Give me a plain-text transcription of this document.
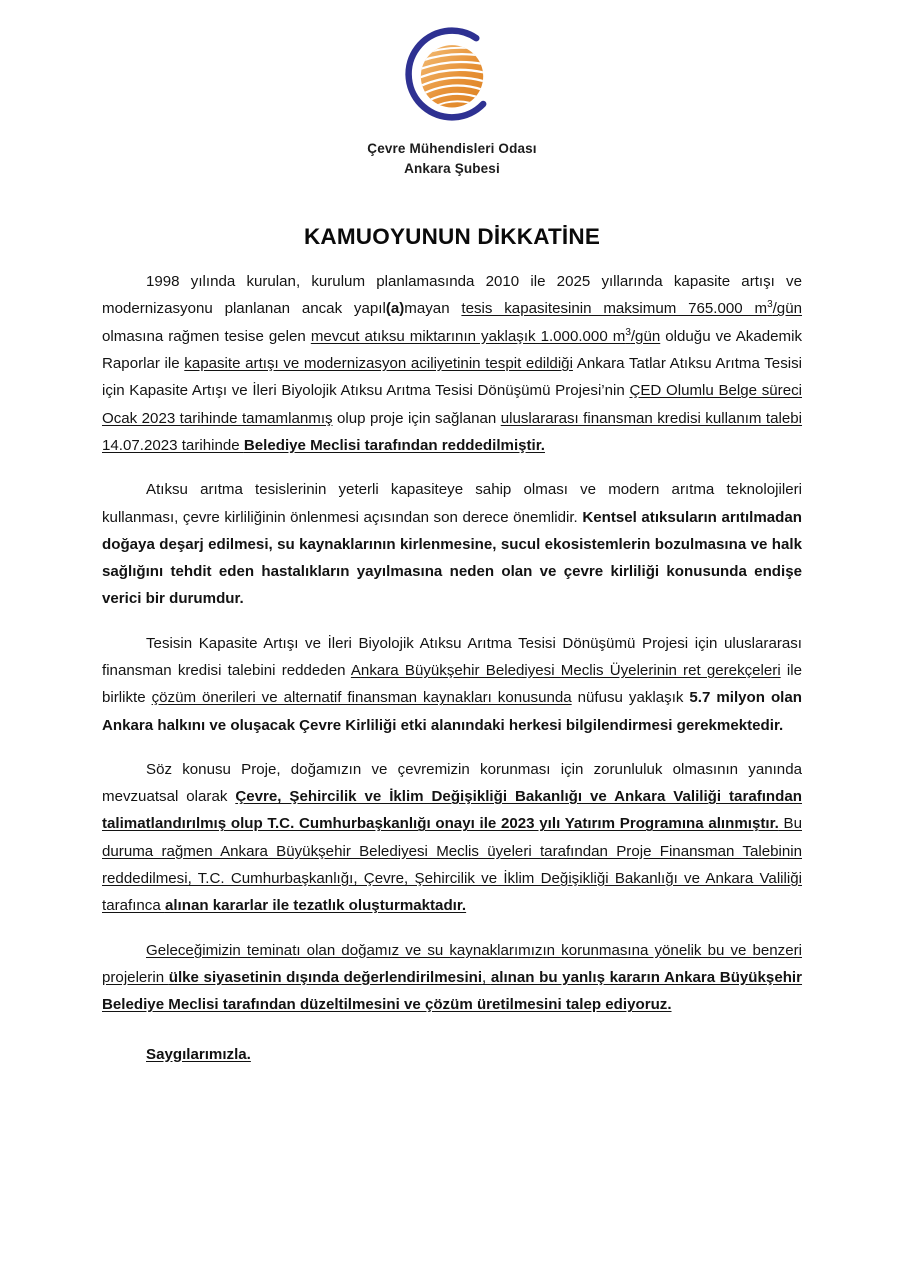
Çevre Mühendisleri Odası
Ankara Şubesi
KAMUOYUNUN DİKKATİNE

1998 yılında kurulan, kurulum planlamasında 2010 ile 2025 yıllarında kapasite artışı ve modernizasyonu planlanan ancak yapıl(a)mayan tesis kapasitesinin maksimum 765.000 $m^3$/gün olmasına rağmen tesise gelen mevcut atıksu miktarının yaklaşık 1.000.000 $m^3$/gün olduğu ve Akademik Raporlar ile kapasite artışı ve modernizasyon aciliyetinin tespit edildiği Ankara Tatlar Atıksu Arıtma Tesisi için Kapasite Artışı ve İleri Biyolojik Atıksu Arıtma Tesisi Dönüşümü Projesi’nin ÇED Olumlu Belge süreci Ocak 2023 tarihinde tamamlanmış olup proje için sağlanan uluslararası finansman kredisi kullanım talebi 14.07.2023 tarihinde Belediye Meclisi tarafından reddedilmiştir.

Atıksu arıtma tesislerinin yeterli kapasiteye sahip olması ve modern arıtma teknolojileri kullanması, çevre kirliliğinin önlenmesi açısından son derece önemlidir. Kentsel atıksuların arıtılmadan doğaya deşarj edilmesi, su kaynaklarının kirlenmesine, sucul ekosistemlerin bozulmasına ve halk sağlığını tehdit eden hastalıkların yayılmasına neden olan ve çevre kirliliği konusunda endişe verici bir durumdur.

Tesisin Kapasite Artışı ve İleri Biyolojik Atıksu Arıtma Tesisi Dönüşümü Projesi için uluslararası finansman kredisi talebini reddeden Ankara Büyükşehir Belediyesi Meclis Üyelerinin ret gerekçeleri ile birlikte çözüm önerileri ve alternatif finansman kaynakları konusunda nüfusu yaklaşık 5.7 milyon olan Ankara halkını ve oluşacak Çevre Kirliliği etki alanındaki herkesi bilgilendirmesi gerekmektedir.

Söz konusu Proje, doğamızın ve çevremizin korunması için zorunluluk olmasının yanında mevzuatsal olarak Çevre, Şehircilik ve İklim Değişikliği Bakanlığı ve Ankara Valiliği tarafından talimatlandırılmış olup T.C. Cumhurbaşkanlığı onayı ile 2023 yılı Yatırım Programına alınmıştır. Bu duruma rağmen Ankara Büyükşehir Belediyesi Meclis üyeleri tarafından Proje Finansman Talebinin reddedilmesi, T.C. Cumhurbaşkanlığı, Çevre, Şehircilik ve İklim Değişikliği Bakanlığı ve Ankara Valiliği tarafınca alınan kararlar ile tezatlık oluşturmaktadır.

Geleceğimizin teminatı olan doğamız ve su kaynaklarımızın korunmasına yönelik bu ve benzeri projelerin ülke siyasetinin dışında değerlendirilmesini, alınan bu yanlış kararın Ankara Büyükşehir Belediye Meclisi tarafından düzeltilmesini ve çözüm üretilmesini talep ediyoruz.

Saygılarımızla.
